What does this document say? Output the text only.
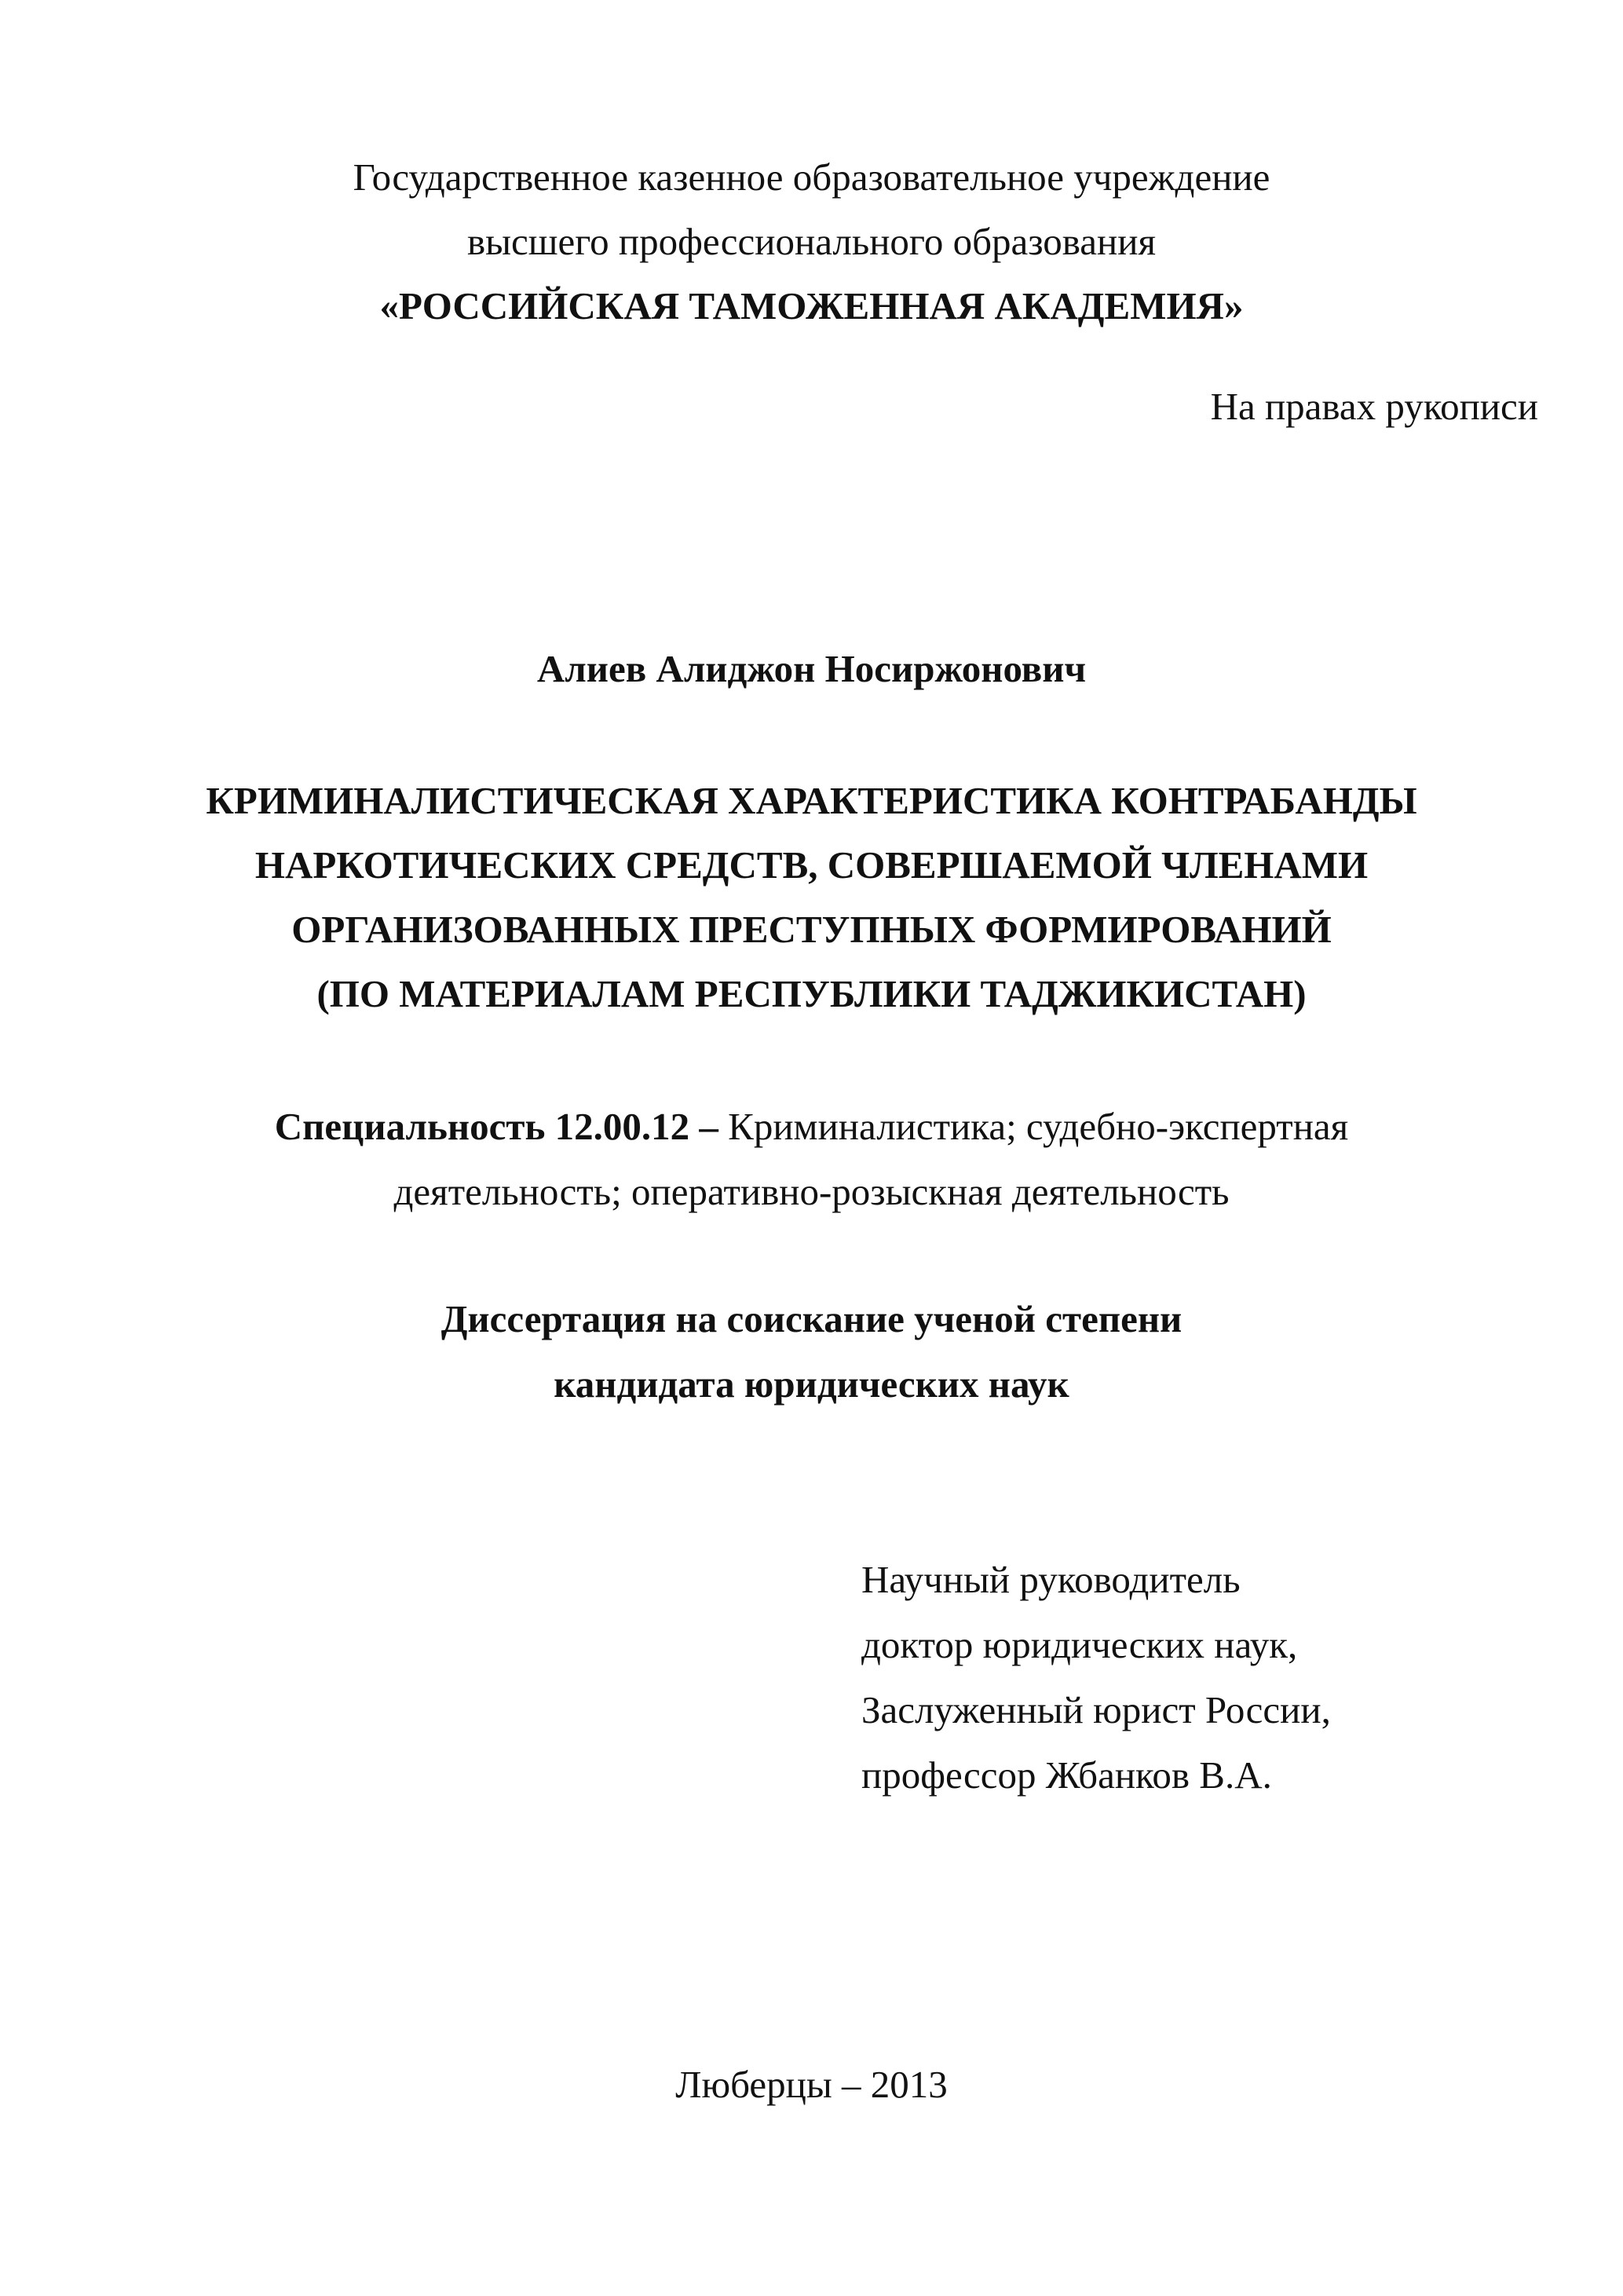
Государственное казенное образовательное учреждение
высшего профессионального образования
«РОССИЙСКАЯ ТАМОЖЕННАЯ АКАДЕМИЯ»
На правах рукописи
Алиев Алиджон Носиржонович
КРИМИНАЛИСТИЧЕСКАЯ ХАРАКТЕРИСТИКА КОНТРАБАНДЫ
НАРКОТИЧЕСКИХ СРЕДСТВ, СОВЕРШАЕМОЙ ЧЛЕНАМИ
ОРГАНИЗОВАННЫХ ПРЕСТУПНЫХ ФОРМИРОВАНИЙ
(ПО МАТЕРИАЛАМ РЕСПУБЛИКИ ТАДЖИКИСТАН)
Специальность 12.00.12 – Криминалистика; судебно-экспертная
деятельность; оперативно-розыскная деятельность
Диссертация на соискание ученой степени
кандидата юридических наук
Научный руководитель
доктор юридических наук,
Заслуженный юрист России,
профессор Жбанков В.А.
Люберцы – 2013
